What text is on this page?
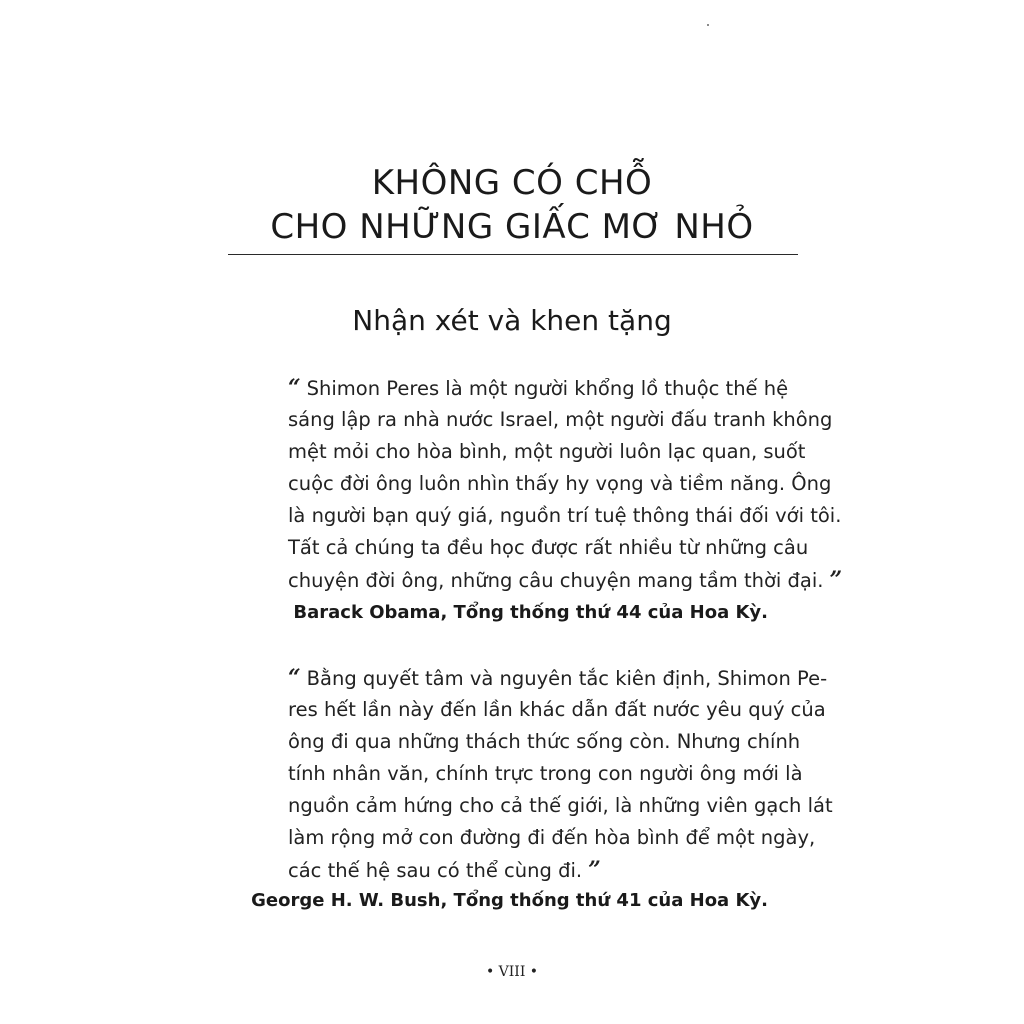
KHÔNG CÓ CHỖ
CHO NHỮNG GIẤC MƠ NHỎ
Nhận xét và khen tặng
“ Shimon Peres là một người khổng lồ thuộc thế hệ
sáng lập ra nhà nước Israel, một người đấu tranh không
mệt mỏi cho hòa bình, một người luôn lạc quan, suốt
cuộc đời ông luôn nhìn thấy hy vọng và tiềm năng. Ông
là người bạn quý giá, nguồn trí tuệ thông thái đối với tôi.
Tất cả chúng ta đều học được rất nhiều từ những câu
chuyện đời ông, những câu chuyện mang tầm thời đại. ”
Barack Obama, Tổng thống thứ 44 của Hoa Kỳ.
“ Bằng quyết tâm và nguyên tắc kiên định, Shimon Pe-
res hết lần này đến lần khác dẫn đất nước yêu quý của
ông đi qua những thách thức sống còn. Nhưng chính
tính nhân văn, chính trực trong con người ông mới là
nguồn cảm hứng cho cả thế giới, là những viên gạch lát
làm rộng mở con đường đi đến hòa bình để một ngày,
các thế hệ sau có thể cùng đi. ”
George H. W. Bush, Tổng thống thứ 41 của Hoa Kỳ.
• VIII •
